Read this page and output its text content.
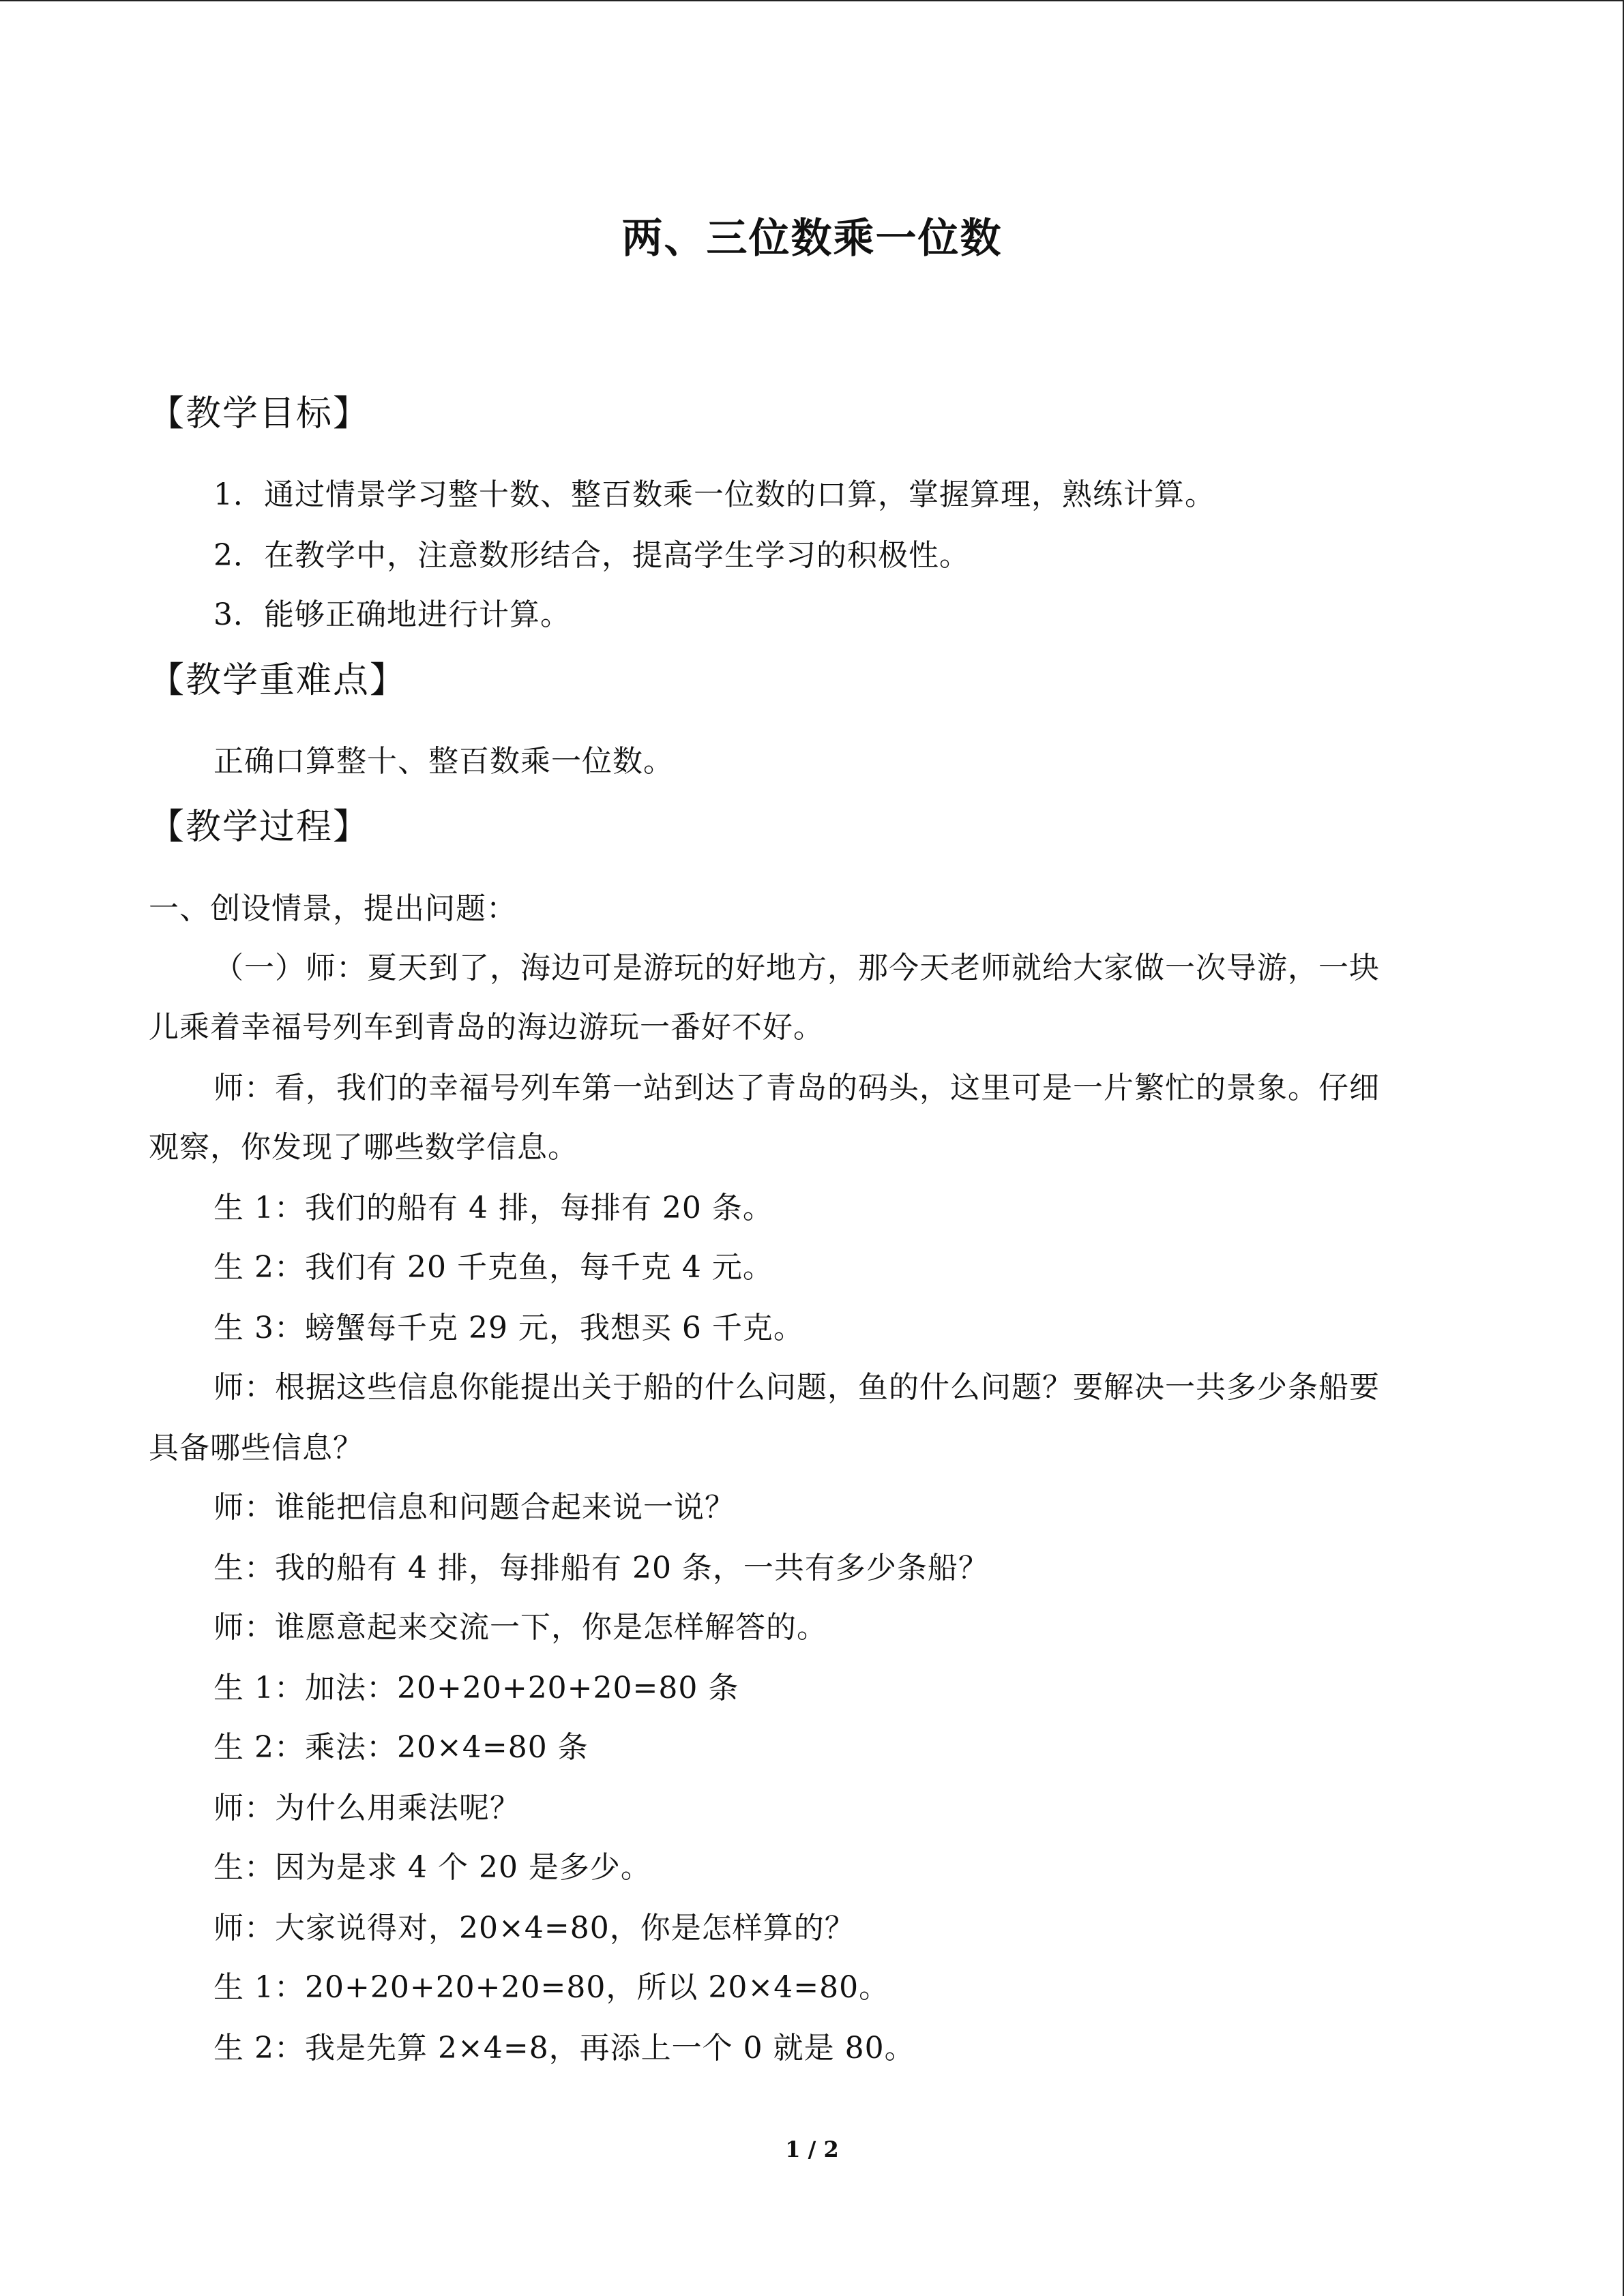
两、三位数乘一位数
【教学目标】
1．通过情景学习整十数、整百数乘一位数的口算，掌握算理，熟练计算。
2．在教学中，注意数形结合，提高学生学习的积极性。
3．能够正确地进行计算。
【教学重难点】
正确口算整十、整百数乘一位数。
【教学过程】
一、创设情景，提出问题：
（一）师：夏天到了，海边可是游玩的好地方，那今天老师就给大家做一次导游，一块
儿乘着幸福号列车到青岛的海边游玩一番好不好。
师：看，我们的幸福号列车第一站到达了青岛的码头，这里可是一片繁忙的景象。仔细
观察，你发现了哪些数学信息。
生 1：我们的船有 4 排，每排有 20 条。
生 2：我们有 20 千克鱼，每千克 4 元。
生 3：螃蟹每千克 29 元，我想买 6 千克。
师：根据这些信息你能提出关于船的什么问题，鱼的什么问题？要解决一共多少条船要
具备哪些信息？
师：谁能把信息和问题合起来说一说？
生：我的船有 4 排，每排船有 20 条，一共有多少条船？
师：谁愿意起来交流一下，你是怎样解答的。
生 1：加法：20+20+20+20=80 条
生 2：乘法：20×4=80 条
师：为什么用乘法呢？
生：因为是求 4 个 20 是多少。
师：大家说得对，20×4=80，你是怎样算的？
生 1：20+20+20+20=80，所以 20×4=80。
生 2：我是先算 2×4=8，再添上一个 0 就是 80。
1 / 2
